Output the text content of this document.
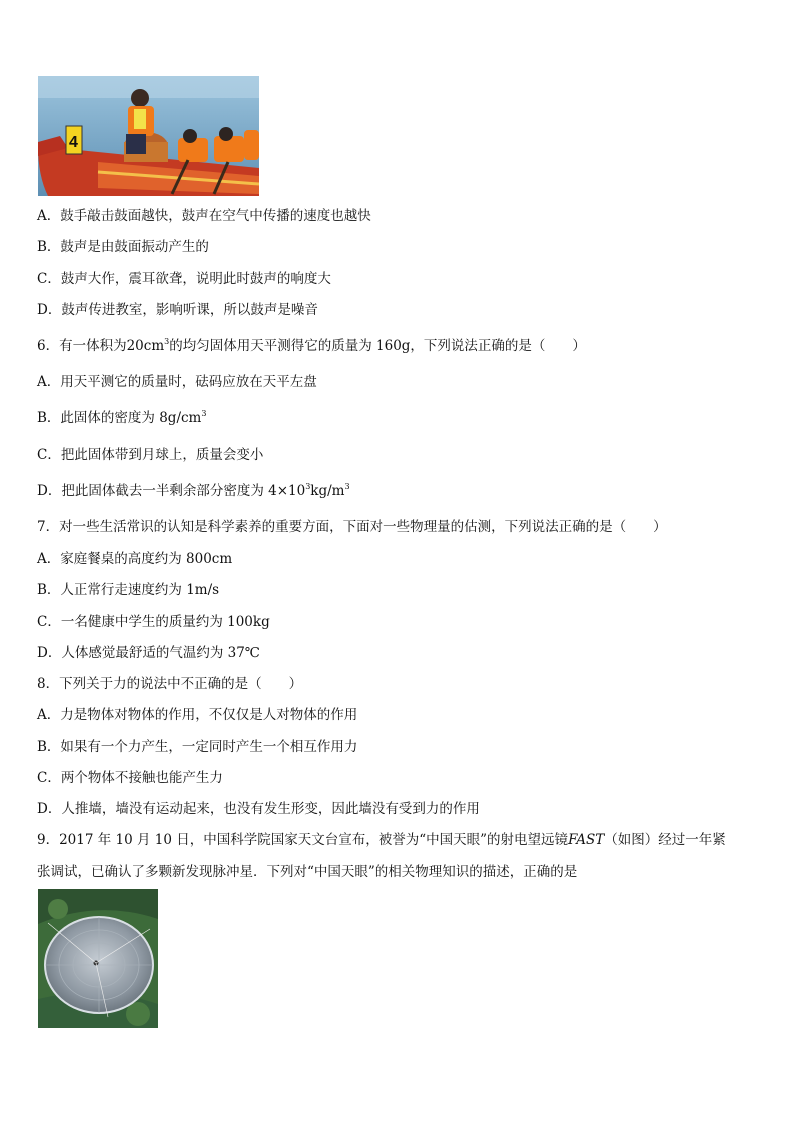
4
A．鼓手敲击鼓面越快，鼓声在空气中传播的速度也越快
B．鼓声是由鼓面振动产生的
C．鼓声大作，震耳欲聋，说明此时鼓声的响度大
D．鼓声传进教室，影响听课，所以鼓声是噪音
6．有一体积为$20cm^3$的均匀固体用天平测得它的质量为 160g，下列说法正确的是（　　）
A．用天平测它的质量时，砝码应放在天平左盘
B．此固体的密度为 $8g/cm^3$
C．把此固体带到月球上，质量会变小
D．把此固体截去一半剩余部分密度为 $4\times 10^3kg/m^3$
7．对一些生活常识的认知是科学素养的重要方面，下面对一些物理量的估测，下列说法正确的是（　　）
A．家庭餐桌的高度约为 800cm
B．人正常行走速度约为 1m/s
C．一名健康中学生的质量约为 100kg
D．人体感觉最舒适的气温约为 37℃
8．下列关于力的说法中不正确的是（　　）
A．力是物体对物体的作用，不仅仅是人对物体的作用
B．如果有一个力产生，一定同时产生一个相互作用力
C．两个物体不接触也能产生力
D．人推墙，墙没有运动起来，也没有发生形变，因此墙没有受到力的作用
9．2017 年 10 月 10 日，中国科学院国家天文台宣布，被誉为“中国天眼”的射电望远镜FAST（如图）经过一年紧
张调试，已确认了多颗新发现脉冲星．下列对“中国天眼”的相关物理知识的描述，正确的是
